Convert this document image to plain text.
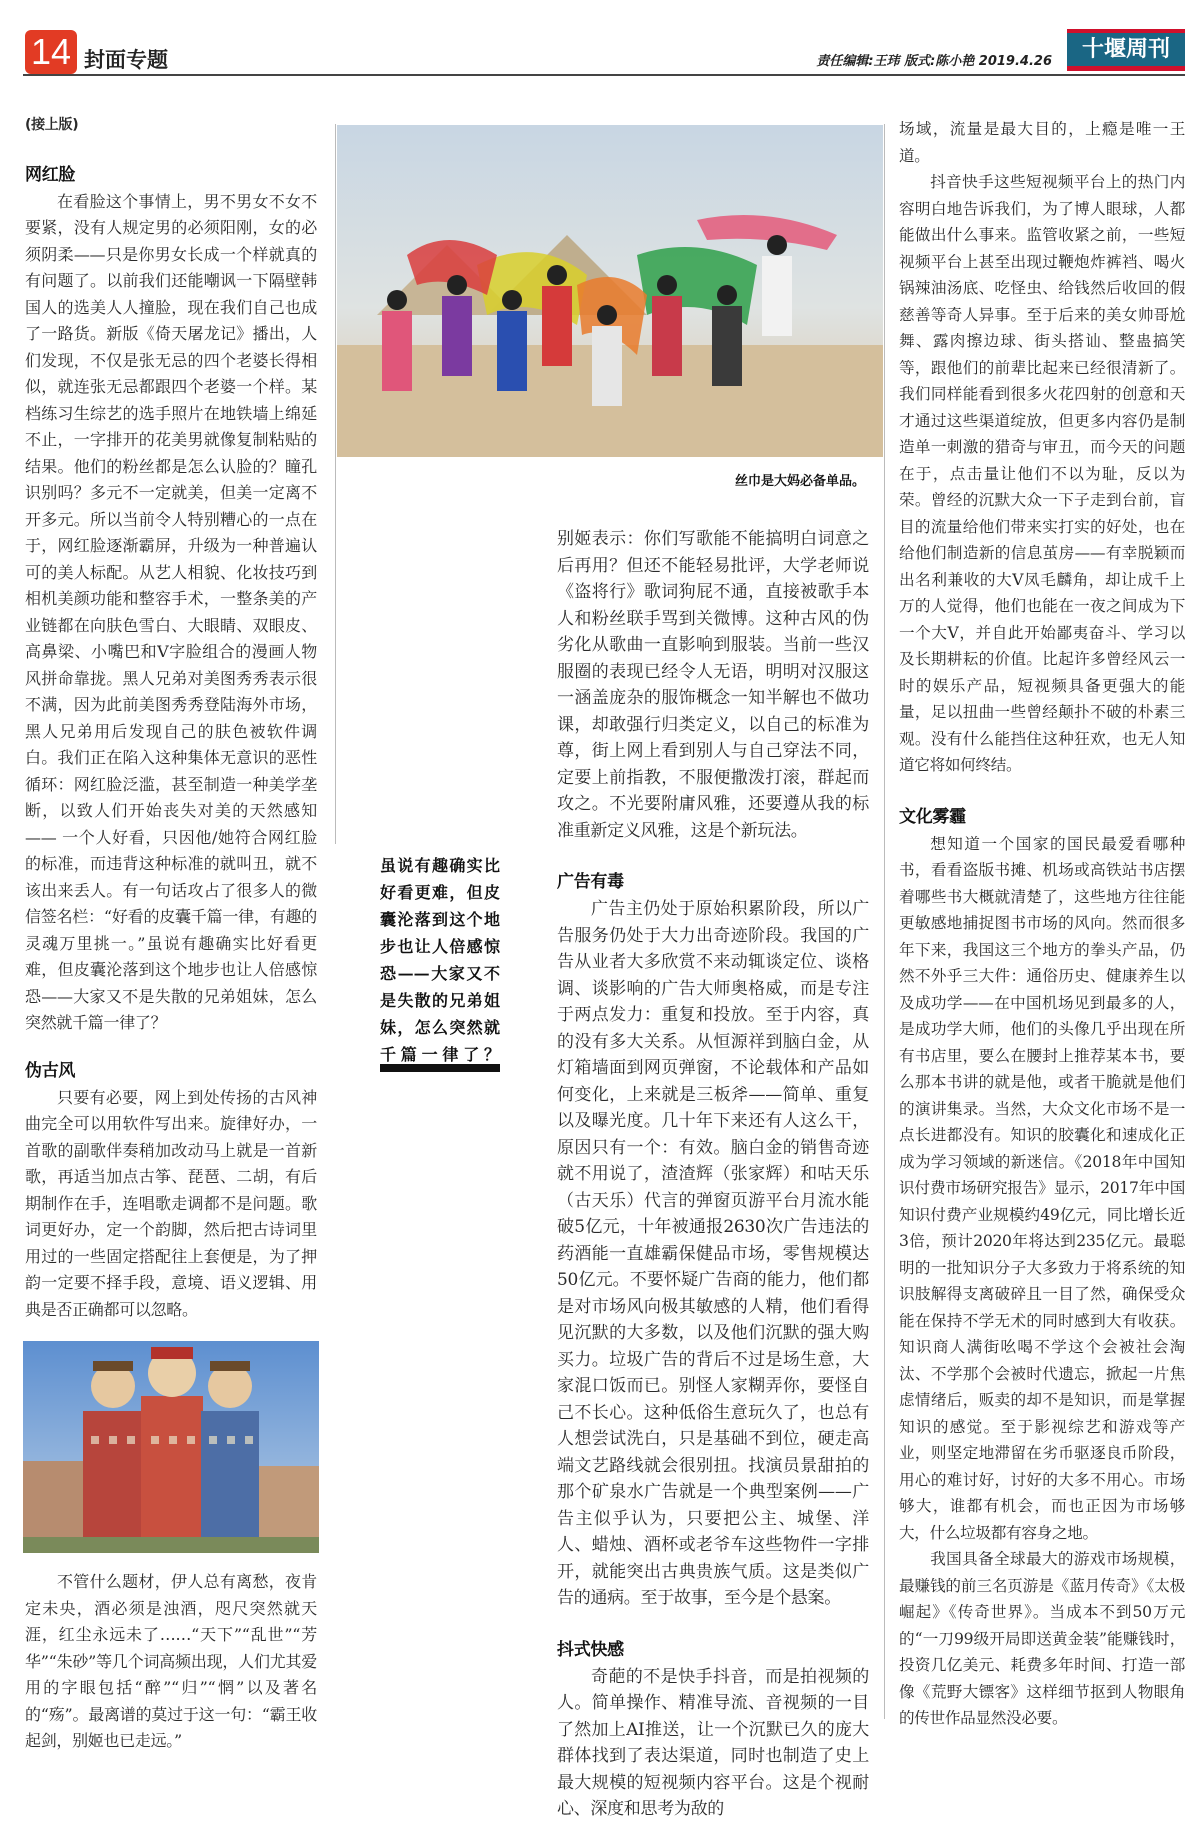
14 封面专题	责任编辑:王玮 版式:陈小艳 2019.4.26	十堰周刊
(接上版)
网红脸

在看脸这个事情上，男不男女不女不要紧，没有人规定男的必须阳刚，女的必须阴柔——只是你男女长成一个样就真的有问题了。以前我们还能嘲讽一下隔壁韩国人的选美人人撞脸，现在我们自己也成了一路货。新版《倚天屠龙记》播出，人们发现，不仅是张无忌的四个老婆长得相似，就连张无忌都跟四个老婆一个样。某档练习生综艺的选手照片在地铁墙上绵延不止，一字排开的花美男就像复制粘贴的结果。他们的粉丝都是怎么认脸的？瞳孔识别吗？多元不一定就美，但美一定离不开多元。所以当前令人特别糟心的一点在于，网红脸逐渐霸屏，升级为一种普遍认可的美人标配。从艺人相貌、化妆技巧到相机美颜功能和整容手术，一整条美的产业链都在向肤色雪白、大眼睛、双眼皮、高鼻梁、小嘴巴和V字脸组合的漫画人物风拼命靠拢。黑人兄弟对美图秀秀表示很不满，因为此前美图秀秀登陆海外市场，黑人兄弟用后发现自己的肤色被软件调白。我们正在陷入这种集体无意识的恶性循环：网红脸泛滥，甚至制造一种美学垄断，以致人们开始丧失对美的天然感知—— 一个人好看，只因他/她符合网红脸的标准，而违背这种标准的就叫丑，就不该出来丢人。有一句话攻占了很多人的微信签名栏：“好看的皮囊千篇一律，有趣的灵魂万里挑一。”虽说有趣确实比好看更难，但皮囊沦落到这个地步也让人倍感惊恐——大家又不是失散的兄弟姐妹，怎么突然就千篇一律了？

伪古风

只要有必要，网上到处传扬的古风神曲完全可以用软件写出来。旋律好办，一首歌的副歌伴奏稍加改动马上就是一首新歌，再适当加点古筝、琵琶、二胡，有后期制作在手，连唱歌走调都不是问题。歌词更好办，定一个韵脚，然后把古诗词里用过的一些固定搭配往上套便是，为了押韵一定要不择手段，意境、语义逻辑、用典是否正确都可以忽略。

不管什么题材，伊人总有离愁，夜肯定未央，酒必须是浊酒，咫尺突然就天涯，红尘永远未了……“天下”“乱世”“芳华”“朱砂”等几个词高频出现，人们尤其爱用的字眼包括“醉”“归”“惘”以及著名的“殇”。最离谱的莫过于这一句：“霸王收起剑，别姬也已走远。”

丝巾是大妈必备单品。

别姬表示：你们写歌能不能搞明白词意之后再用？但还不能轻易批评，大学老师说《盗将行》歌词狗屁不通，直接被歌手本人和粉丝联手骂到关微博。这种古风的伪劣化从歌曲一直影响到服装。当前一些汉服圈的表现已经令人无语，明明对汉服这一涵盖庞杂的服饰概念一知半解也不做功课，却敢强行归类定义，以自己的标准为尊，街上网上看到别人与自己穿法不同，定要上前指教，不服便撒泼打滚，群起而攻之。不光要附庸风雅，还要遵从我的标准重新定义风雅，这是个新玩法。

广告有毒

广告主仍处于原始积累阶段，所以广告服务仍处于大力出奇迹阶段。我国的广告从业者大多欣赏不来动辄谈定位、谈格调、谈影响的广告大师奥格威，而是专注于两点发力：重复和投放。至于内容，真的没有多大关系。从恒源祥到脑白金，从灯箱墙面到网页弹窗，不论载体和产品如何变化，上来就是三板斧——简单、重复以及曝光度。几十年下来还有人这么干，原因只有一个：有效。脑白金的销售奇迹就不用说了，渣渣辉（张家辉）和咕天乐（古天乐）代言的弹窗页游平台月流水能破5亿元，十年被通报2630次广告违法的药酒能一直雄霸保健品市场，零售规模达50亿元。不要怀疑广告商的能力，他们都是对市场风向极其敏感的人精，他们看得见沉默的大多数，以及他们沉默的强大购买力。垃圾广告的背后不过是场生意，大家混口饭而已。别怪人家糊弄你，要怪自己不长心。这种低俗生意玩久了，也总有人想尝试洗白，只是基础不到位，硬走高端文艺路线就会很别扭。找演员景甜拍的那个矿泉水广告就是一个典型案例——广告主似乎认为，只要把公主、城堡、洋人、蜡烛、酒杯或老爷车这些物件一字排开，就能突出古典贵族气质。这是类似广告的通病。至于故事，至今是个悬案。

抖式快感

奇葩的不是快手抖音，而是拍视频的人。简单操作、精准导流、音视频的一目了然加上AI推送，让一个沉默已久的庞大群体找到了表达渠道，同时也制造了史上最大规模的短视频内容平台。这是个视耐心、深度和思考为敌的

虽说有趣确实比好看更难，但皮囊沦落到这个地步也让人倍感惊恐——大家又不是失散的兄弟姐妹，怎么突然就千篇一律了？

场域，流量是最大目的，上瘾是唯一王道。

抖音快手这些短视频平台上的热门内容明白地告诉我们，为了博人眼球，人都能做出什么事来。监管收紧之前，一些短视频平台上甚至出现过鞭炮炸裤裆、喝火锅辣油汤底、吃怪虫、给钱然后收回的假慈善等奇人异事。至于后来的美女帅哥尬舞、露肉擦边球、街头搭讪、整蛊搞笑等，跟他们的前辈比起来已经很清新了。我们同样能看到很多火花四射的创意和天才通过这些渠道绽放，但更多内容仍是制造单一刺激的猎奇与审丑，而今天的问题在于，点击量让他们不以为耻，反以为荣。曾经的沉默大众一下子走到台前，盲目的流量给他们带来实打实的好处，也在给他们制造新的信息茧房——有幸脱颖而出名利兼收的大V凤毛麟角，却让成千上万的人觉得，他们也能在一夜之间成为下一个大V，并自此开始鄙夷奋斗、学习以及长期耕耘的价值。比起许多曾经风云一时的娱乐产品，短视频具备更强大的能量，足以扭曲一些曾经颠扑不破的朴素三观。没有什么能挡住这种狂欢，也无人知道它将如何终结。

文化雾霾

想知道一个国家的国民最爱看哪种书，看看盗版书摊、机场或高铁站书店摆着哪些书大概就清楚了，这些地方往往能更敏感地捕捉图书市场的风向。然而很多年下来，我国这三个地方的拳头产品，仍然不外乎三大件：通俗历史、健康养生以及成功学——在中国机场见到最多的人，是成功学大师，他们的头像几乎出现在所有书店里，要么在腰封上推荐某本书，要么那本书讲的就是他，或者干脆就是他们的演讲集录。当然，大众文化市场不是一点长进都没有。知识的胶囊化和速成化正成为学习领域的新迷信。《2018年中国知识付费市场研究报告》显示，2017年中国知识付费产业规模约49亿元，同比增长近3倍，预计2020年将达到235亿元。最聪明的一批知识分子大多致力于将系统的知识肢解得支离破碎且一目了然，确保受众能在保持不学无术的同时感到大有收获。知识商人满街吆喝不学这个会被社会淘汰、不学那个会被时代遗忘，掀起一片焦虑情绪后，贩卖的却不是知识，而是掌握知识的感觉。至于影视综艺和游戏等产业，则坚定地滞留在劣币驱逐良币阶段，用心的难讨好，讨好的大多不用心。市场够大，谁都有机会，而也正因为市场够大，什么垃圾都有容身之地。

我国具备全球最大的游戏市场规模，最赚钱的前三名页游是《蓝月传奇》《太极崛起》《传奇世界》。当成本不到50万元的“一刀99级开局即送黄金装”能赚钱时，投资几亿美元、耗费多年时间、打造一部像《荒野大镖客》这样细节抠到人物眼角的传世作品显然没必要。
